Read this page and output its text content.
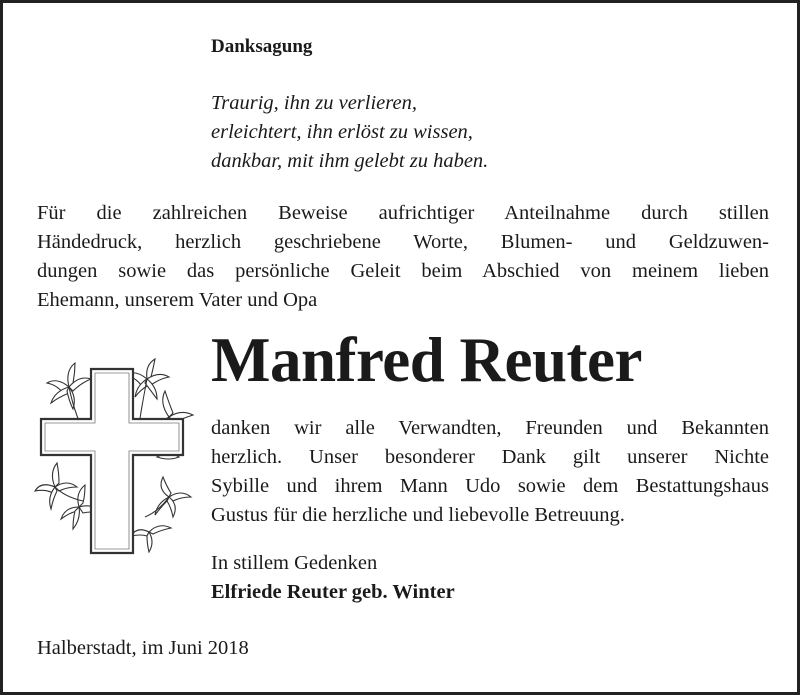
Danksagung
Traurig, ihn zu verlieren,
erleichtert, ihn erlöst zu wissen,
dankbar, mit ihm gelebt zu haben.
Für die zahlreichen Beweise aufrichtiger Anteilnahme durch stillen
Händedruck, herzlich geschriebene Worte, Blumen- und Geldzuwen-
dungen sowie das persönliche Geleit beim Abschied von meinem lieben
Ehemann, unserem Vater und Opa
Manfred Reuter
danken wir alle Verwandten, Freunden und Bekannten
herzlich. Unser besonderer Dank gilt unserer Nichte
Sybille und ihrem Mann Udo sowie dem Bestattungshaus
Gustus für die herzliche und liebevolle Betreuung.
In stillem Gedenken
Elfriede Reuter geb. Winter
Halberstadt, im Juni 2018
